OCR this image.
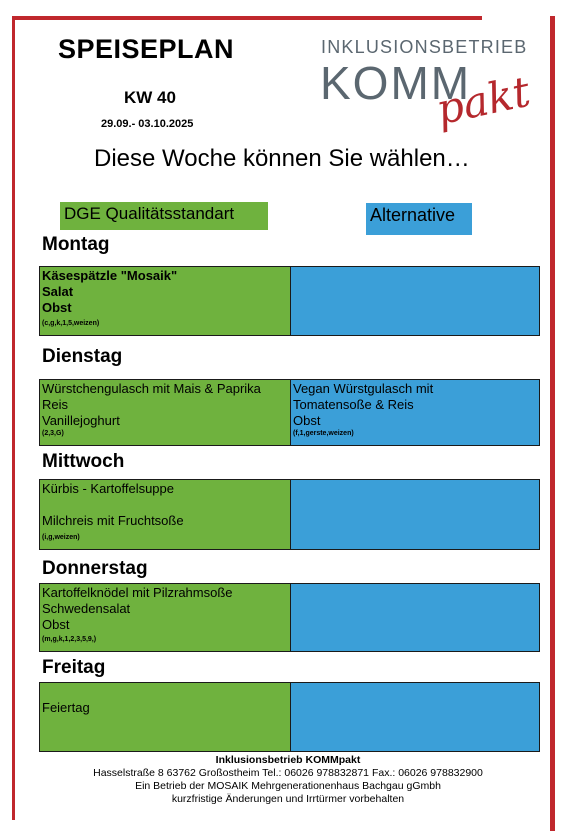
SPEISEPLAN
KW 40
29.09.- 03.10.2025
INKLUSIONSBETRIEB
KOMM
pakt
Diese Woche können Sie wählen…
DGE Qualitätsstandart	Alternative
Montag
Käsespätzle "Mosaik"
Salat
Obst
(c,g,k,1,5,weizen)
Dienstag
Würstchengulasch mit Mais & Paprika
Reis
Vanillejoghurt
(2,3,G)
Vegan Würstgulasch mit
Tomatensoße & Reis
Obst
(f,1,gerste,weizen)
Mittwoch
Kürbis - Kartoffelsuppe

Milchreis mit Fruchtsoße
(i,g,weizen)
Donnerstag
Kartoffelknödel mit Pilzrahmsoße
Schwedensalat
Obst
(m,g,k,1,2,3,5,9,)
Freitag

Feiertag
Inklusionsbetrieb KOMMpakt
Hasselstraße 8 63762 Großostheim Tel.: 06026 978832871 Fax.: 06026 978832900
Ein Betrieb der MOSAIK Mehrgenerationenhaus Bachgau gGmbh
kurzfristige Änderungen und Irrtürmer vorbehalten
